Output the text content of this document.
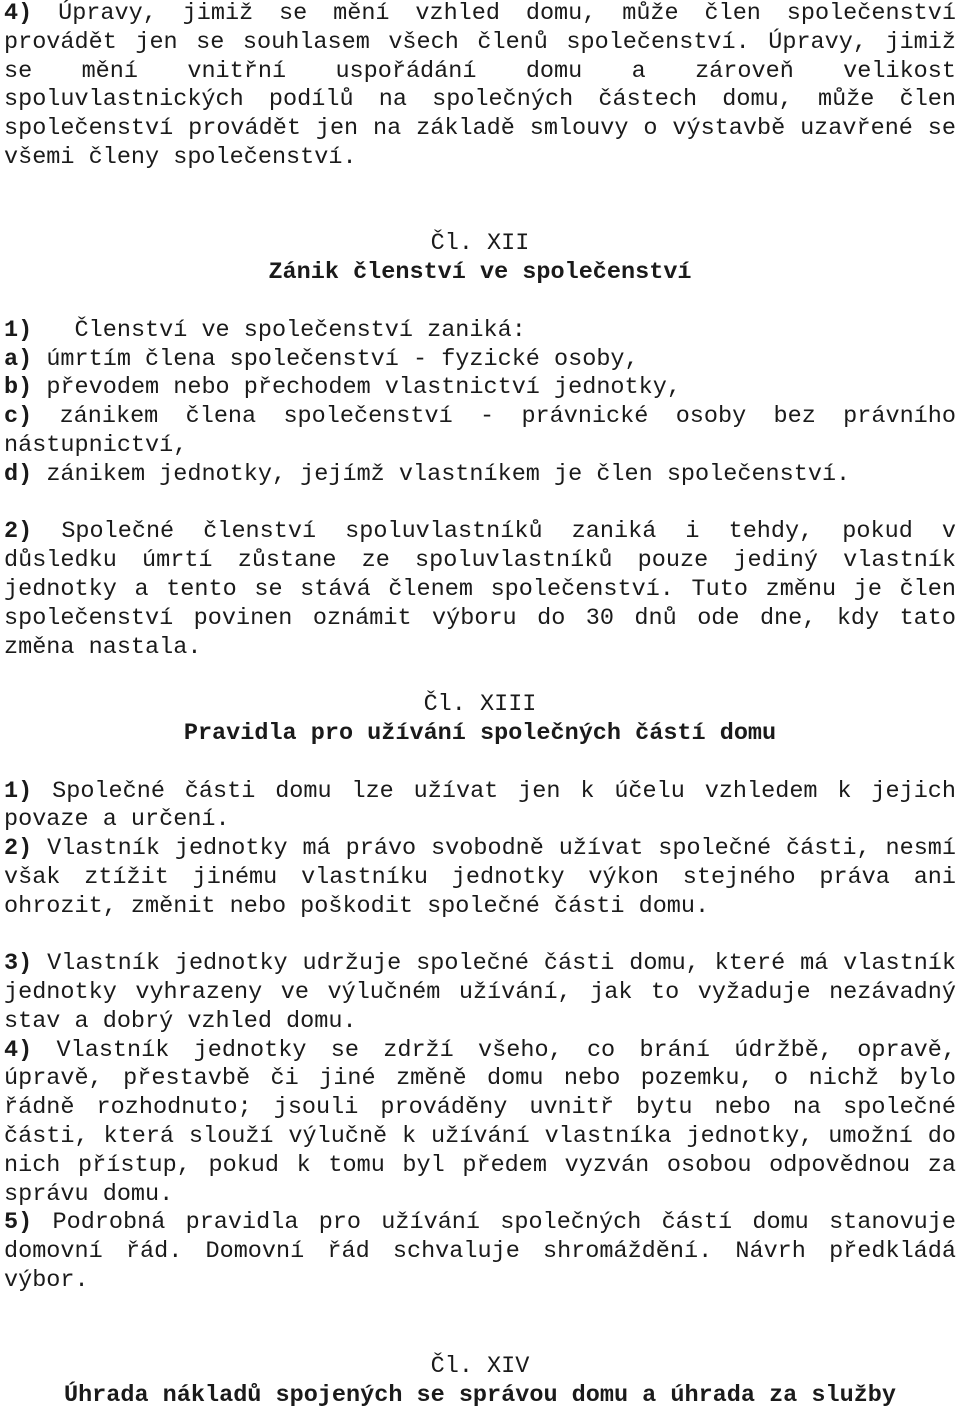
4) Úpravy, jimiž se mění vzhled domu, může člen společenství provádět jen se souhlasem všech členů společenství. Úpravy, jimiž se mění vnitřní uspořádání domu a zároveň velikost spoluvlastnických podílů na společných částech domu, může člen společenství provádět jen na základě smlouvy o výstavbě uzavřené se všemi členy společenství.

Čl. XII

Zánik členství ve společenství

1) Členství ve společenství zaniká:

a) úmrtím člena společenství - fyzické osoby,

b) převodem nebo přechodem vlastnictví jednotky,

c) zánikem člena společenství - právnické osoby bez právního nástupnictví,

d) zánikem jednotky, jejímž vlastníkem je člen společenství.

2) Společné členství spoluvlastníků zaniká i tehdy, pokud v důsledku úmrtí zůstane ze spoluvlastníků pouze jediný vlastník jednotky a tento se stává členem společenství. Tuto změnu je člen společenství povinen oznámit výboru do 30 dnů ode dne, kdy tato změna nastala.

Čl. XIII

Pravidla pro užívání společných částí domu

1) Společné části domu lze užívat jen k účelu vzhledem k jejich povaze a určení.

2) Vlastník jednotky má právo svobodně užívat společné části, nesmí však ztížit jinému vlastníku jednotky výkon stejného práva ani ohrozit, změnit nebo poškodit společné části domu.

3) Vlastník jednotky udržuje společné části domu, které má vlastník jednotky vyhrazeny ve výlučném užívání, jak to vyžaduje nezávadný stav a dobrý vzhled domu.

4) Vlastník jednotky se zdrží všeho, co brání údržbě, opravě, úpravě, přestavbě či jiné změně domu nebo pozemku, o nichž bylo řádně rozhodnuto; jsouli prováděny uvnitř bytu nebo na společné části, která slouží výlučně k užívání vlastníka jednotky, umožní do nich přístup, pokud k tomu byl předem vyzván osobou odpovědnou za správu domu.

5) Podrobná pravidla pro užívání společných částí domu stanovuje domovní řád. Domovní řád schvaluje shromáždění. Návrh předkládá výbor.

Čl. XIV

Úhrada nákladů spojených se správou domu a úhrada za služby
